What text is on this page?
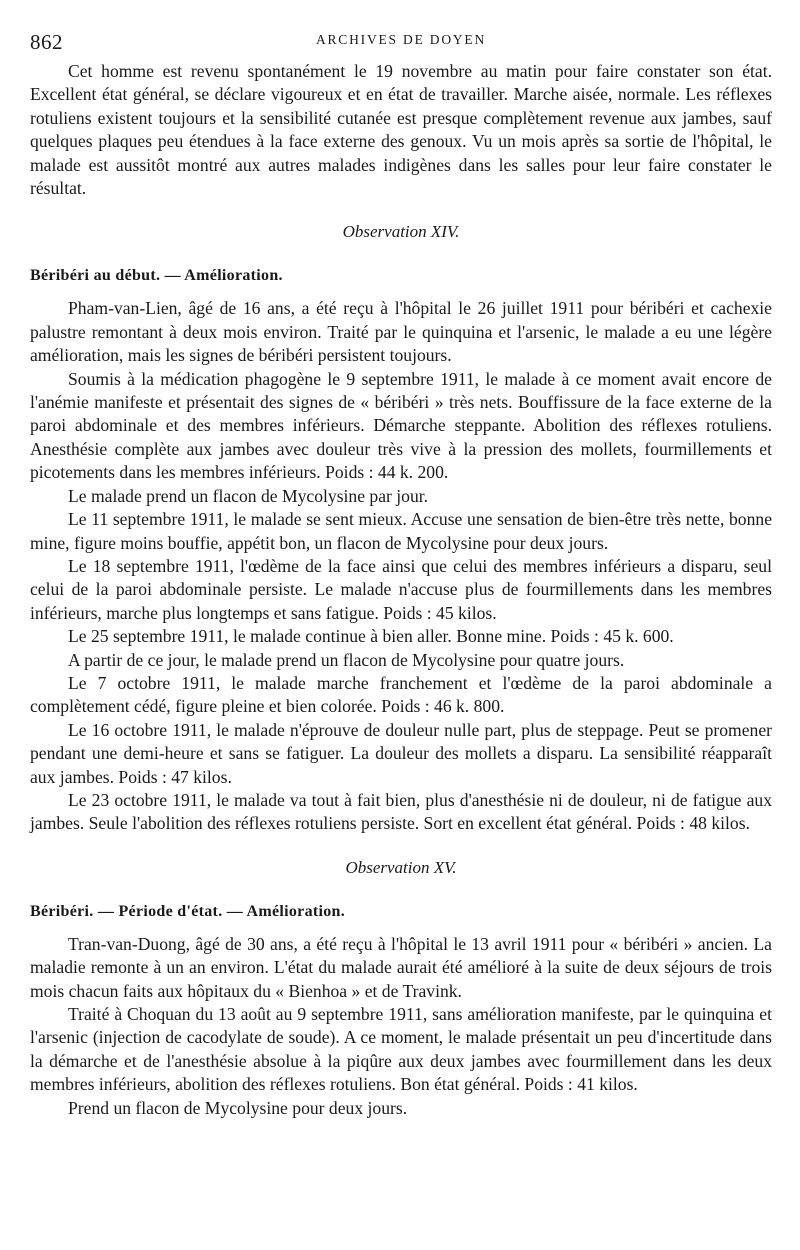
862	ARCHIVES DE DOYEN

Cet homme est revenu spontanément le 19 novembre au matin pour faire constater son état. Excellent état général, se déclare vigoureux et en état de travailler. Marche aisée, normale. Les réflexes rotuliens existent toujours et la sensibilité cutanée est presque complètement revenue aux jambes, sauf quelques plaques peu étendues à la face externe des genoux. Vu un mois après sa sortie de l'hôpital, le malade est aussitôt montré aux autres malades indigènes dans les salles pour leur faire constater le résultat.

Observation XIV.
Béribéri au début. — Amélioration.

Pham-van-Lien, âgé de 16 ans, a été reçu à l'hôpital le 26 juillet 1911 pour béribéri et cachexie palustre remontant à deux mois environ. Traité par le quinquina et l'arsenic, le malade a eu une légère amélioration, mais les signes de béribéri persistent toujours.

Soumis à la médication phagogène le 9 septembre 1911, le malade à ce moment avait encore de l'anémie manifeste et présentait des signes de « béribéri » très nets. Bouffissure de la face externe de la paroi abdominale et des membres inférieurs. Démarche steppante. Abolition des réflexes rotuliens. Anesthésie complète aux jambes avec douleur très vive à la pression des mollets, fourmillements et picotements dans les membres inférieurs. Poids : 44 k. 200.

Le malade prend un flacon de Mycolysine par jour.

Le 11 septembre 1911, le malade se sent mieux. Accuse une sensation de bien-être très nette, bonne mine, figure moins bouffie, appétit bon, un flacon de Mycolysine pour deux jours.

Le 18 septembre 1911, l'œdème de la face ainsi que celui des membres inférieurs a disparu, seul celui de la paroi abdominale persiste. Le malade n'accuse plus de fourmillements dans les membres inférieurs, marche plus longtemps et sans fatigue. Poids : 45 kilos.

Le 25 septembre 1911, le malade continue à bien aller. Bonne mine. Poids : 45 k. 600.

A partir de ce jour, le malade prend un flacon de Mycolysine pour quatre jours.

Le 7 octobre 1911, le malade marche franchement et l'œdème de la paroi abdominale a complètement cédé, figure pleine et bien colorée. Poids : 46 k. 800.

Le 16 octobre 1911, le malade n'éprouve de douleur nulle part, plus de steppage. Peut se promener pendant une demi-heure et sans se fatiguer. La douleur des mollets a disparu. La sensibilité réapparaît aux jambes. Poids : 47 kilos.

Le 23 octobre 1911, le malade va tout à fait bien, plus d'anesthésie ni de douleur, ni de fatigue aux jambes. Seule l'abolition des réflexes rotuliens persiste. Sort en excellent état général. Poids : 48 kilos.

Observation XV.
Béribéri. — Période d'état. — Amélioration.

Tran-van-Duong, âgé de 30 ans, a été reçu à l'hôpital le 13 avril 1911 pour « béribéri » ancien. La maladie remonte à un an environ. L'état du malade aurait été amélioré à la suite de deux séjours de trois mois chacun faits aux hôpitaux du « Bienhoa » et de Travink.

Traité à Choquan du 13 août au 9 septembre 1911, sans amélioration manifeste, par le quinquina et l'arsenic (injection de cacodylate de soude). A ce moment, le malade présentait un peu d'incertitude dans la démarche et de l'anesthésie absolue à la piqûre aux deux jambes avec fourmillement dans les deux membres inférieurs, abolition des réflexes rotuliens. Bon état général. Poids : 41 kilos.

Prend un flacon de Mycolysine pour deux jours.
